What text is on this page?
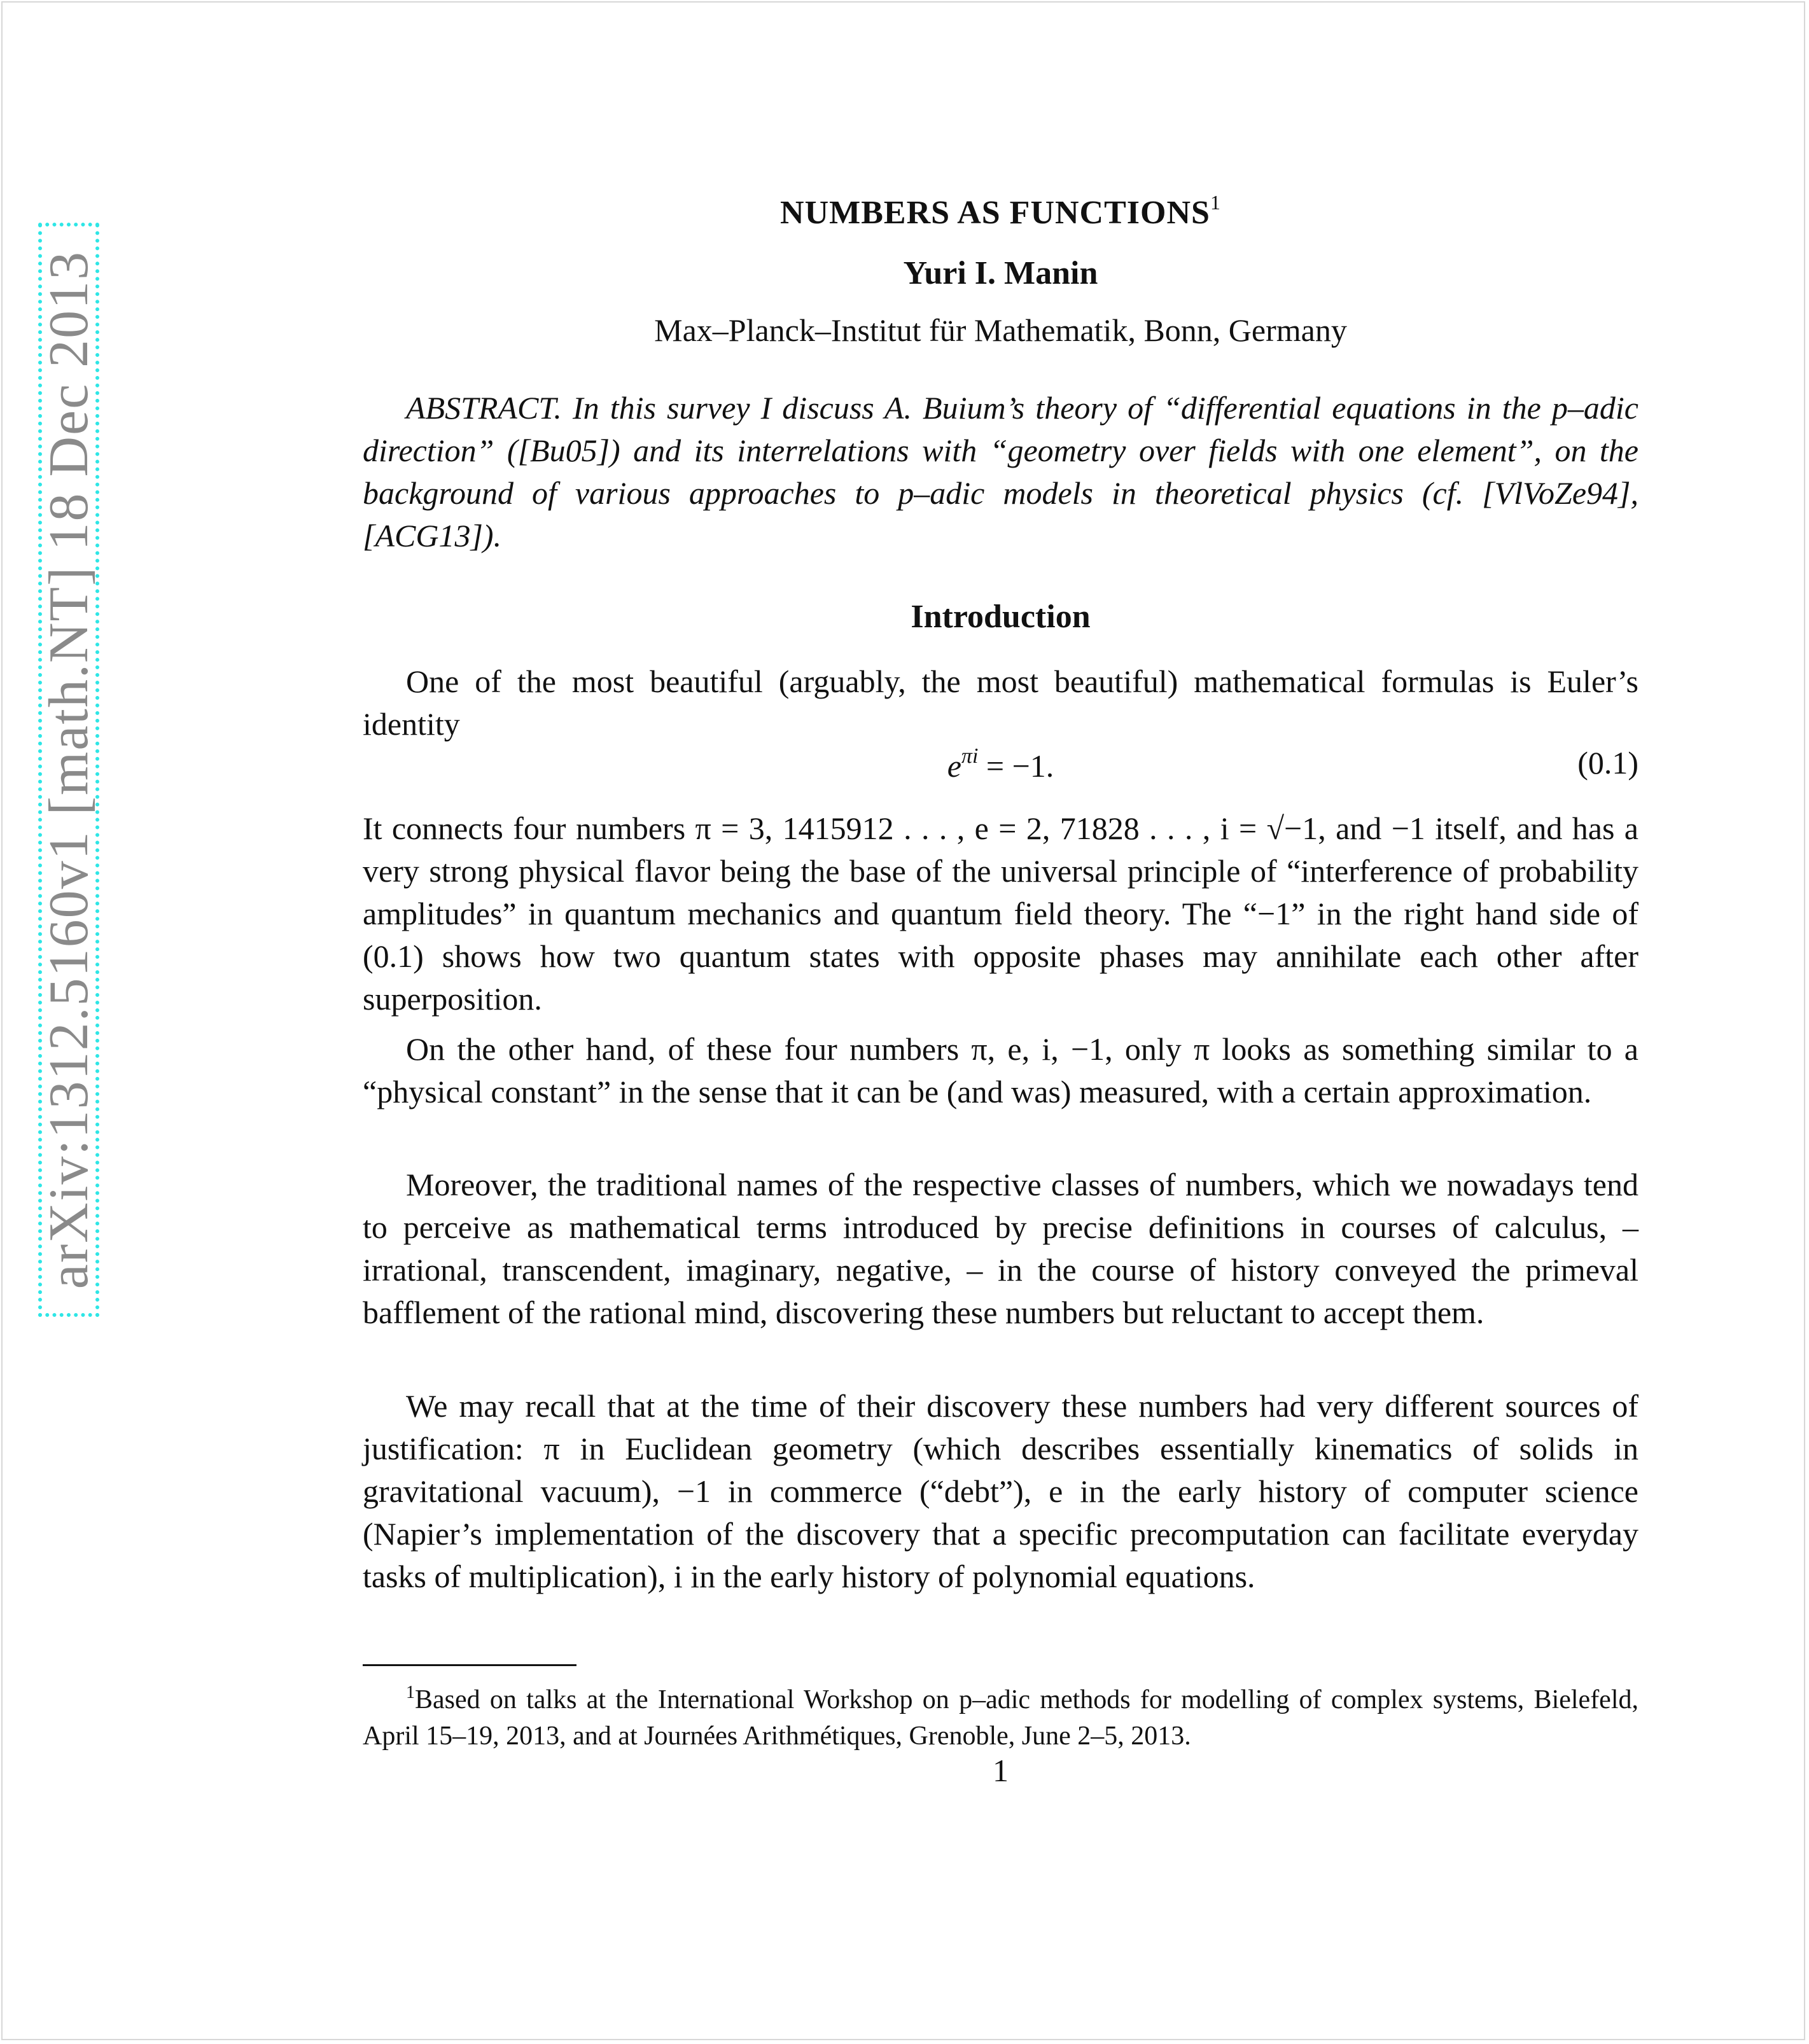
arXiv:1312.5160v1 [math.NT] 18 Dec 2013
NUMBERS AS FUNCTIONS$^1$
Yuri I. Manin
Max–Planck–Institut für Mathematik, Bonn, Germany
ABSTRACT. In this survey I discuss A. Buium’s theory of “differential equations in the p–adic direction” ([Bu05]) and its interrelations with “geometry over fields with one element”, on the background of various approaches to p–adic models in theoretical physics (cf. [VlVoZe94], [ACG13]).
Introduction
One of the most beautiful (arguably, the most beautiful) mathematical formulas is Euler’s identity
$e^{\pi i} = -1$.	(0.1)
It connects four numbers π = 3, 1415912 . . . , e = 2, 71828 . . . , i = √−1, and −1 itself, and has a very strong physical flavor being the base of the universal principle of “interference of probability amplitudes” in quantum mechanics and quantum field theory. The “−1” in the right hand side of (0.1) shows how two quantum states with opposite phases may annihilate each other after superposition.
On the other hand, of these four numbers π, e, i, −1, only π looks as something similar to a “physical constant” in the sense that it can be (and was) measured, with a certain approximation.
Moreover, the traditional names of the respective classes of numbers, which we nowadays tend to perceive as mathematical terms introduced by precise definitions in courses of calculus, – irrational, transcendent, imaginary, negative, – in the course of history conveyed the primeval bafflement of the rational mind, discovering these numbers but reluctant to accept them.
We may recall that at the time of their discovery these numbers had very different sources of justification: π in Euclidean geometry (which describes essentially kinematics of solids in gravitational vacuum), −1 in commerce (“debt”), e in the early history of computer science (Napier’s implementation of the discovery that a specific precomputation can facilitate everyday tasks of multiplication), i in the early history of polynomial equations.
$^1$Based on talks at the International Workshop on p–adic methods for modelling of complex systems, Bielefeld, April 15–19, 2013, and at Journées Arithmétiques, Grenoble, June 2–5, 2013.
1
